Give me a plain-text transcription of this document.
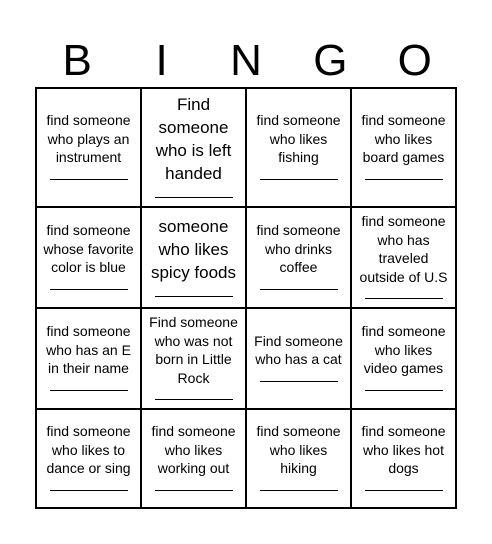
B	I	N	G	O
find someone who plays an instrument
Find someone who is left handed
find someone who likes fishing
find someone who likes board games
find someone whose favorite color is blue
someone who likes spicy foods
find someone who drinks coffee
find someone who has traveled outside of U.S
find someone who has an E in their name
Find someone who was not born in Little Rock
Find someone who has a cat
find someone who likes video games
find someone who likes to dance or sing
find someone who likes working out
find someone who likes hiking
find someone who likes hot dogs
